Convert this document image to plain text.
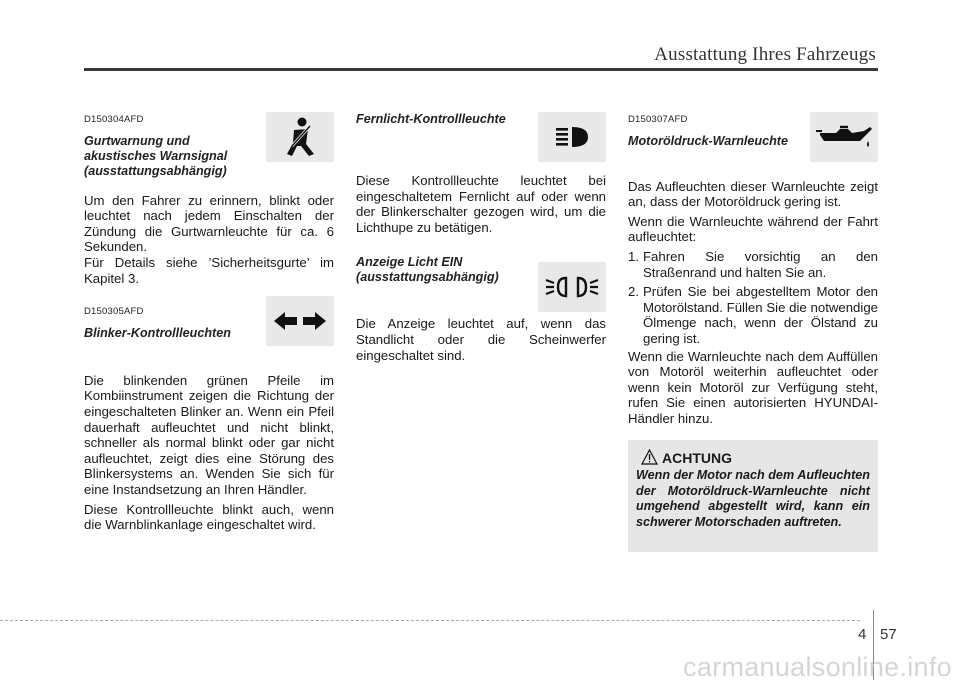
Ausstattung Ihres Fahrzeugs
D150304AFD
Gurtwarnung und
akustisches Warnsignal
(ausstattungsabhängig)

Um den Fahrer zu erinnern, blinkt oder leuchtet nach jedem Einschalten der Zündung die Gurtwarnleuchte für ca. 6 Sekunden.

Für Details siehe ’Sicherheitsgurte’ im Kapitel 3.

D150305AFD
Blinker-Kontrollleuchten

Die blinkenden grünen Pfeile im Kombiinstrument zeigen die Richtung der eingeschalteten Blinker an. Wenn ein Pfeil dauerhaft aufleuchtet und nicht blinkt, schneller als normal blinkt oder gar nicht aufleuchtet, zeigt dies eine Störung des Blinkersystems an. Wenden Sie sich für eine Instandsetzung an Ihren Händler.

Diese Kontrollleuchte blinkt auch, wenn die Warnblinkanlage eingeschaltet wird.

Fernlicht-Kontrollleuchte

Diese Kontrollleuchte leuchtet bei eingeschaltetem Fernlicht auf oder wenn der Blinkerschalter gezogen wird, um die Lichthupe zu betätigen.

Anzeige Licht EIN
(ausstattungsabhängig)

Die Anzeige leuchtet auf, wenn das Standlicht oder die Scheinwerfer eingeschaltet sind.

D150307AFD
Motoröldruck-Warnleuchte

Das Aufleuchten dieser Warnleuchte zeigt an, dass der Motoröldruck gering ist.

Wenn die Warnleuchte während der Fahrt aufleuchtet:

1. Fahren Sie vorsichtig an den Straßenrand und halten Sie an.
2. Prüfen Sie bei abgestelltem Motor den Motorölstand. Füllen Sie die notwendige Ölmenge nach, wenn der Ölstand zu gering ist.

Wenn die Warnleuchte nach dem Auffüllen von Motoröl weiterhin aufleuchtet oder wenn kein Motoröl zur Verfügung steht, rufen Sie einen autorisierten HYUNDAI-Händler hinzu.

ACHTUNG
Wenn der Motor nach dem Aufleuchten der Motoröldruck-Warnleuchte nicht umgehend abgestellt wird, kann ein schwerer Motorschaden auftreten.
4 57
carmanualsonline.info
